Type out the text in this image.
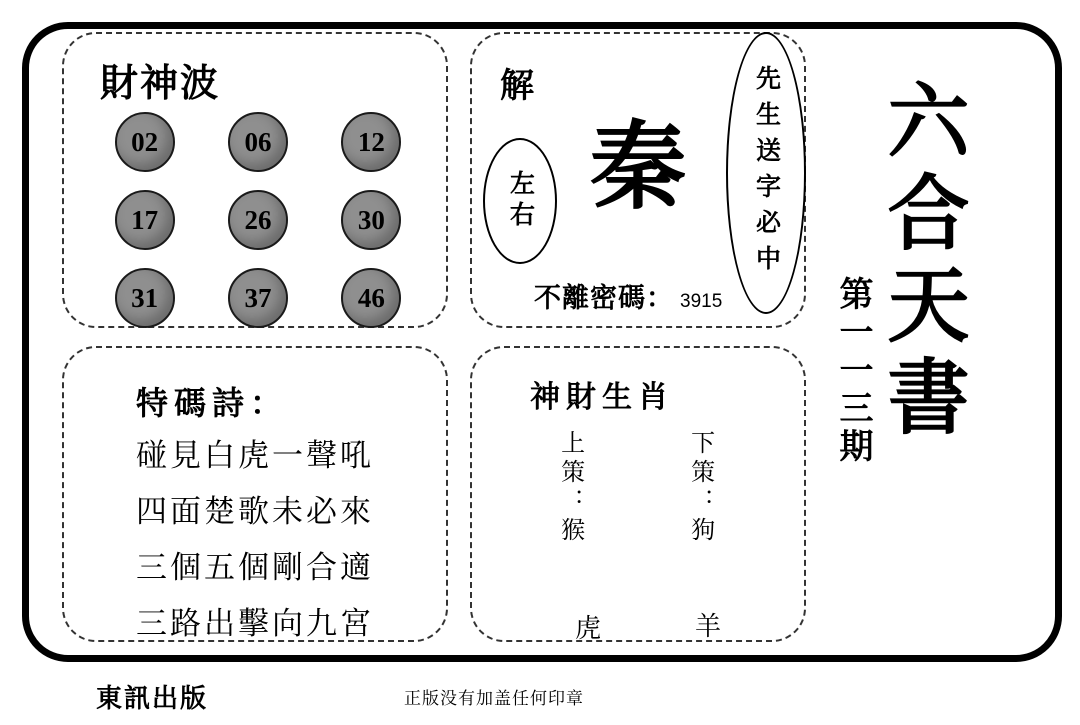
財神波
02	06	12
17	26	30
31	37	46
解
左右 秦	先生送字必中
不離密碼： 3915
特碼詩：
碰見白虎一聲吼
四面楚歌未必來
三個五個剛合適
三路出擊向九宮
神財生肖
上策：猴	下策：狗
虎	羊
六合天書
第一一三期
東訊出版	正版没有加盖任何印章
